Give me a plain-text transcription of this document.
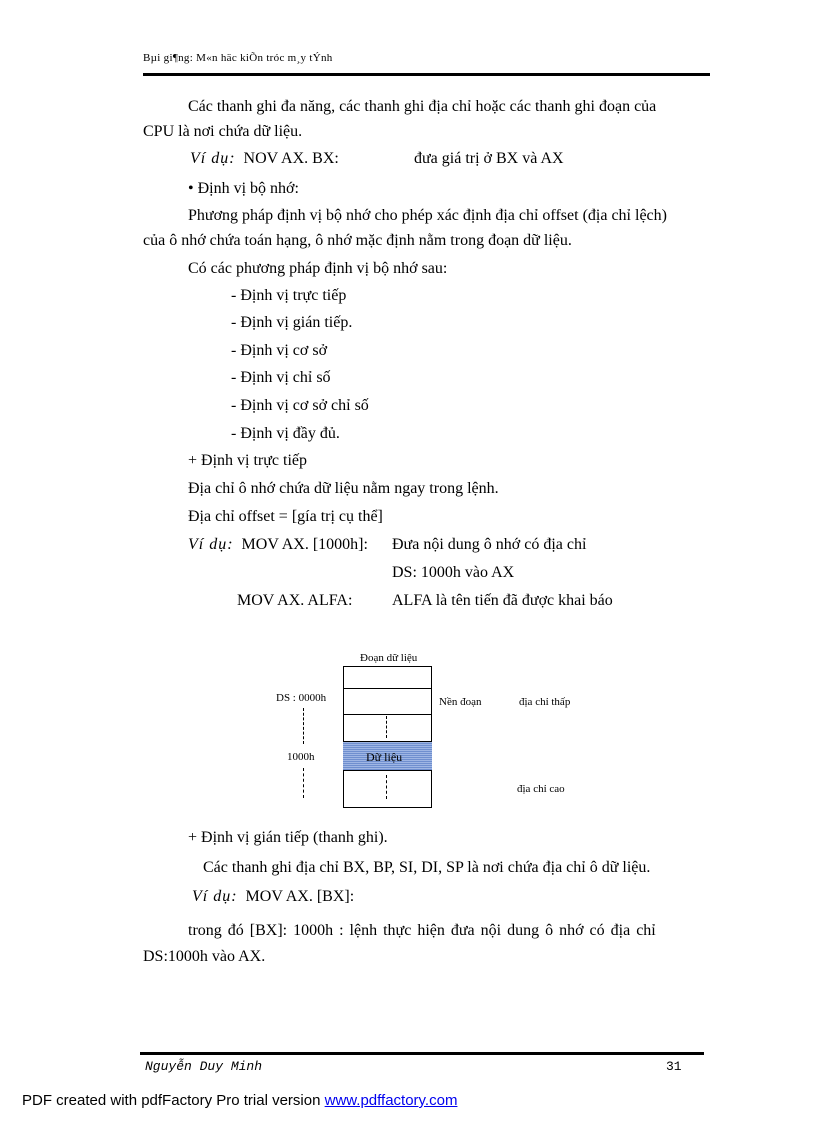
Bµi gi¶ng: M«n häc kiÕn tróc m¸y tÝnh
Các thanh ghi đa năng, các thanh ghi địa chỉ hoặc các thanh ghi đoạn của
CPU là nơi chứa dữ liệu.
Ví dụ: NOV AX. BX:	đưa giá trị ở BX và AX
• Định vị bộ nhớ:
Phương pháp định vị bộ nhớ cho phép xác định địa chỉ offset (địa chỉ lệch)
của ô nhớ chứa toán hạng, ô nhớ mặc định nằm trong đoạn dữ liệu.
Có các phương pháp định vị bộ nhớ sau:
- Định vị trực tiếp
- Định vị gián tiếp.
- Định vị cơ sở
- Định vị chỉ số
- Định vị cơ sở chỉ số
- Định vị đầy đủ.
+ Định vị trực tiếp
Địa chỉ ô nhớ chứa dữ liệu nằm ngay trong lệnh.
Địa chỉ offset = [gía trị cụ thể]
Ví dụ: MOV AX. [1000h]: Đưa nội dung ô nhớ có địa chỉ
DS: 1000h vào AX
MOV AX. ALFA: ALFA là tên tiến đã được khai báo
Đoạn dữ liệu
Dữ liệu
DS : 0000h
1000h
Nền đoạn	địa chỉ thấp
địa chỉ cao
+ Định vị gián tiếp (thanh ghi).
Các thanh ghi địa chỉ BX, BP, SI, DI, SP là nơi chứa địa chỉ ô dữ liệu.
Ví dụ: MOV AX. [BX]:
trong đó [BX]: 1000h : lệnh thực hiện đưa nội dung ô nhớ có địa chỉ
DS:1000h vào AX.
Nguyễn Duy Minh	31
PDF created with pdfFactory Pro trial version www.pdffactory.com
